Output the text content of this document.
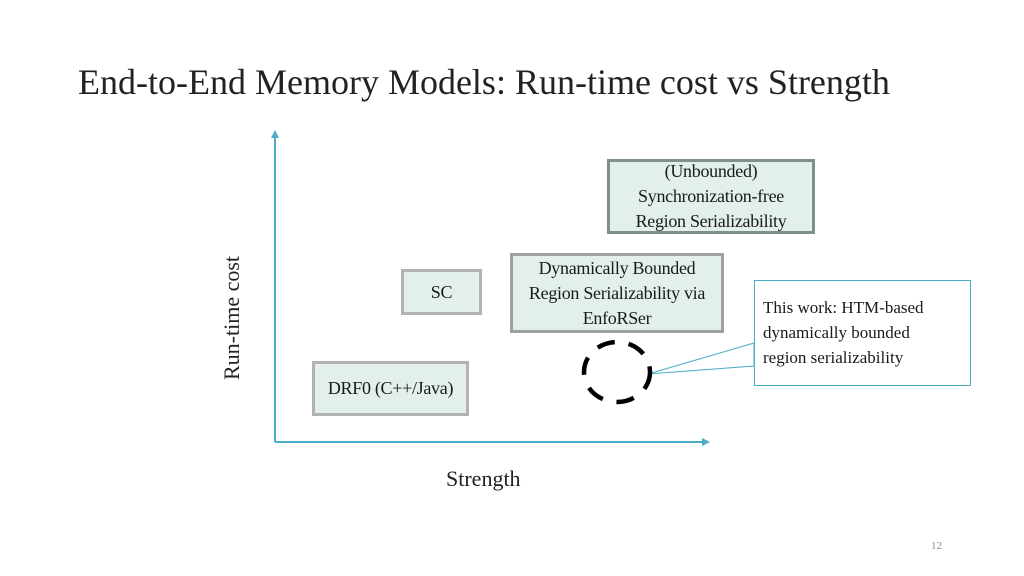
End-to-End Memory Models: Run-time cost vs Strength
(Unbounded)
Synchronization-free
Region Serializability
Dynamically Bounded
Region Serializability via
EnfoRSer
SC
DRF0 (C++/Java)
This work: HTM-based
dynamically bounded
region serializability
Run-time cost
Strength
12
